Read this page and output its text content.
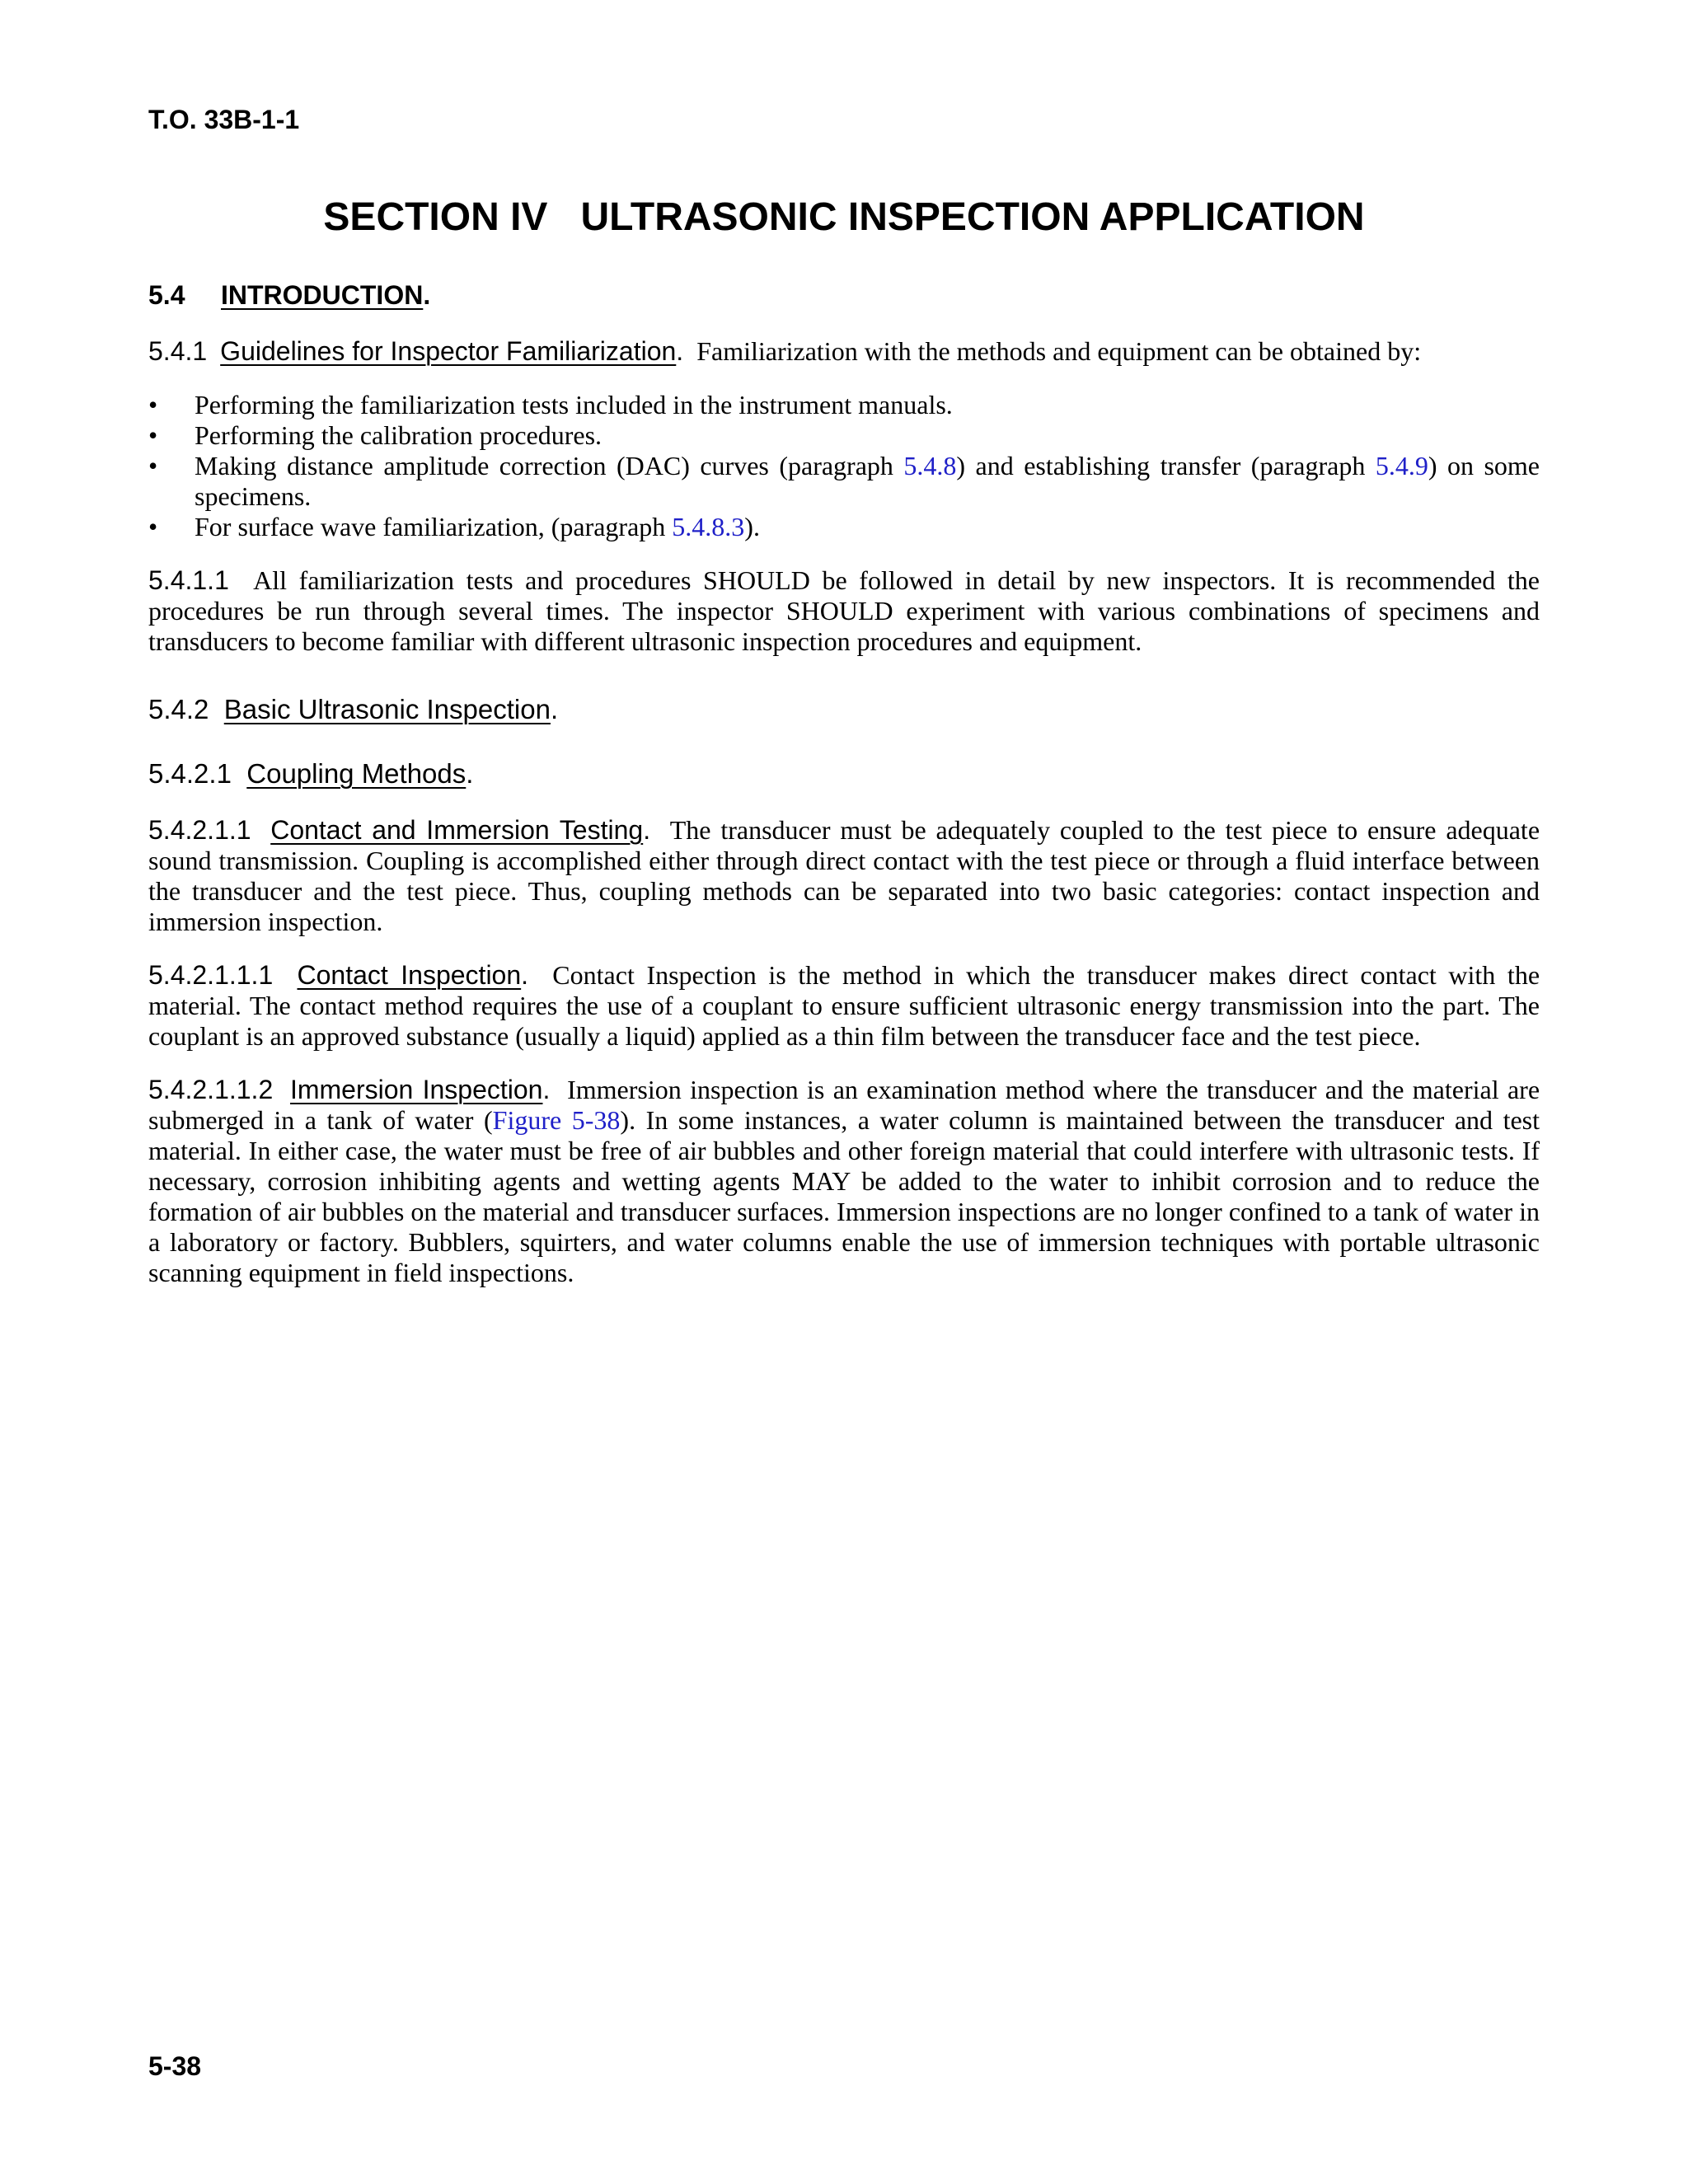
T.O. 33B-1-1

SECTION IV   ULTRASONIC INSPECTION APPLICATION
5.4 INTRODUCTION.

5.4.1 Guidelines for Inspector Familiarization. Familiarization with the methods and equipment can be obtained by:

•	Performing the familiarization tests included in the instrument manuals.
•	Performing the calibration procedures.
•	Making distance amplitude correction (DAC) curves (paragraph 5.4.8) and establishing transfer (paragraph 5.4.9) on some specimens.
•	For surface wave familiarization, (paragraph 5.4.8.3).

5.4.1.1 All familiarization tests and procedures SHOULD be followed in detail by new inspectors. It is recommended the procedures be run through several times. The inspector SHOULD experiment with various combinations of specimens and transducers to become familiar with different ultrasonic inspection procedures and equipment.

5.4.2 Basic Ultrasonic Inspection.

5.4.2.1 Coupling Methods.

5.4.2.1.1 Contact and Immersion Testing. The transducer must be adequately coupled to the test piece to ensure adequate sound transmission. Coupling is accomplished either through direct contact with the test piece or through a fluid interface between the transducer and the test piece. Thus, coupling methods can be separated into two basic categories: contact inspection and immersion inspection.

5.4.2.1.1.1 Contact Inspection. Contact Inspection is the method in which the transducer makes direct contact with the material. The contact method requires the use of a couplant to ensure sufficient ultrasonic energy transmission into the part. The couplant is an approved substance (usually a liquid) applied as a thin film between the transducer face and the test piece.

5.4.2.1.1.2 Immersion Inspection. Immersion inspection is an examination method where the transducer and the material are submerged in a tank of water (Figure 5-38). In some instances, a water column is maintained between the transducer and test material. In either case, the water must be free of air bubbles and other foreign material that could interfere with ultrasonic tests. If necessary, corrosion inhibiting agents and wetting agents MAY be added to the water to inhibit corrosion and to reduce the formation of air bubbles on the material and transducer surfaces. Immersion inspections are no longer confined to a tank of water in a laboratory or factory. Bubblers, squirters, and water columns enable the use of immersion techniques with portable ultrasonic scanning equipment in field inspections.

5-38
